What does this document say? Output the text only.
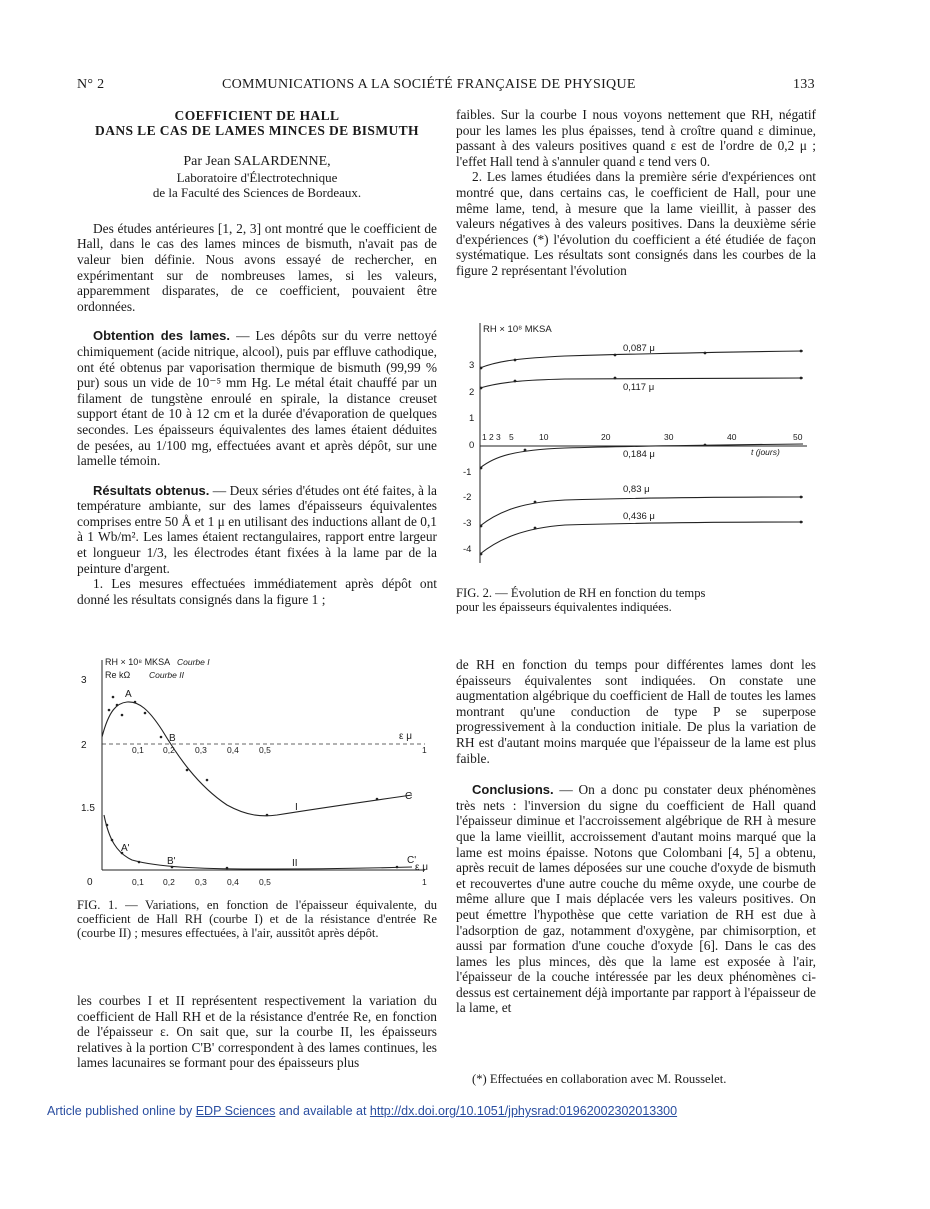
N° 2	COMMUNICATIONS A LA SOCIÉTÉ FRANÇAISE DE PHYSIQUE	133
COEFFICIENT DE HALL
DANS LE CAS DE LAMES MINCES DE BISMUTH
Par Jean SALARDENNE,
Laboratoire d'Électrotechnique
de la Faculté des Sciences de Bordeaux.

Des études antérieures [1, 2, 3] ont montré que le coefficient de Hall, dans le cas des lames minces de bismuth, n'avait pas de valeur bien définie. Nous avons essayé de rechercher, en expérimentant sur de nombreuses lames, si les valeurs, apparemment disparates, de ce coefficient, pouvaient être ordonnées.

Obtention des lames. — Les dépôts sur du verre nettoyé chimiquement (acide nitrique, alcool), puis par effluve cathodique, ont été obtenus par vaporisation thermique de bismuth (99,99 % pur) sous un vide de 10⁻⁵ mm Hg. Le métal était chauffé par un filament de tungstène enroulé en spirale, la distance creuset support étant de 10 à 12 cm et la durée d'évaporation de quelques secondes. Les épaisseurs équivalentes des lames étaient déduites de pesées, au 1/100 mg, effectuées avant et après dépôt, sur une lamelle témoin.

Résultats obtenus. — Deux séries d'études ont été faites, à la température ambiante, sur des lames d'épaisseurs équivalentes comprises entre 50 Å et 1 μ en utilisant des inductions allant de 0,1 à 1 Wb/m². Les lames étaient rectangulaires, rapport entre largeur et longueur 1/3, les électrodes étant fixées à la lame par de la peinture d'argent.

1. Les mesures effectuées immédiatement après dépôt ont donné les résultats consignés dans la figure 1 ;

RH × 10⁸ MKSA Courbe I
Re kΩ Courbe II
3
2
1.5
0
0,1 0,2 0,3 0,4 0,5	1
0,1 0,2 0,3 0,4 0,5	1
ε μ
ε μ
A
B
C
A'
B'	C'
I
II
FIG. 1. — Variations, en fonction de l'épaisseur équivalente, du coefficient de Hall RH (courbe I) et de la résistance d'entrée Re (courbe II) ; mesures effectuées, à l'air, aussitôt après dépôt.

les courbes I et II représentent respectivement la variation du coefficient de Hall RH et de la résistance d'entrée Re, en fonction de l'épaisseur ε. On sait que, sur la courbe II, les épaisseurs relatives à la portion C'B' correspondent à des lames continues, les lames lacunaires se formant pour des épaisseurs plus

faibles. Sur la courbe I nous voyons nettement que RH, négatif pour les lames les plus épaisses, tend à croître quand ε diminue, passant à des valeurs positives quand ε est de l'ordre de 0,2 μ ; l'effet Hall tend à s'annuler quand ε tend vers 0.

2. Les lames étudiées dans la première série d'expériences ont montré que, dans certains cas, le coefficient de Hall, pour une même lame, tend, à mesure que la lame vieillit, à passer des valeurs négatives à des valeurs positives. Dans la deuxième série d'expériences (*) l'évolution du coefficient a été étudiée de façon systématique. Les résultats sont consignés dans les courbes de la figure 2 représentant l'évolution

RH × 10⁸ MKSA
3
2
1
0
-1
-2
-3
-4
1 2 3 5	10	20	30	40	50
t (jours)
0,087 μ
0,117 μ
0,184 μ
0,83 μ
0,436 μ
FIG. 2. — Évolution de RH en fonction du temps
pour les épaisseurs équivalentes indiquées.

de RH en fonction du temps pour différentes lames dont les épaisseurs équivalentes sont indiquées. On constate une augmentation algébrique du coefficient de Hall de toutes les lames montrant qu'une conduction de type P se superpose progressivement à la conduction initiale. De plus la variation de RH est d'autant moins marquée que l'épaisseur de la lame est plus faible.

Conclusions. — On a donc pu constater deux phénomènes très nets : l'inversion du signe du coefficient de Hall quand l'épaisseur diminue et l'accroissement algébrique de RH à mesure que la lame vieillit, accroissement d'autant moins marqué que la lame est moins épaisse. Notons que Colombani [4, 5] a obtenu, après recuit de lames déposées sur une couche d'oxyde de bismuth et recouvertes d'une autre couche du même oxyde, une courbe de même allure que I mais déplacée vers les valeurs positives. On peut émettre l'hypothèse que cette variation de RH est due à l'adsorption de gaz, notamment d'oxygène, par chimisorption, et aussi par formation d'une couche d'oxyde [6]. Dans le cas des lames les plus minces, dès que la lame est exposée à l'air, l'épaisseur de la couche intéressée par les deux phénomènes ci-dessus est certainement déjà importante par rapport à l'épaisseur de la lame, et

(*) Effectuées en collaboration avec M. Rousselet.
Article published online by EDP Sciences and available at http://dx.doi.org/10.1051/jphysrad:01962002302013300
